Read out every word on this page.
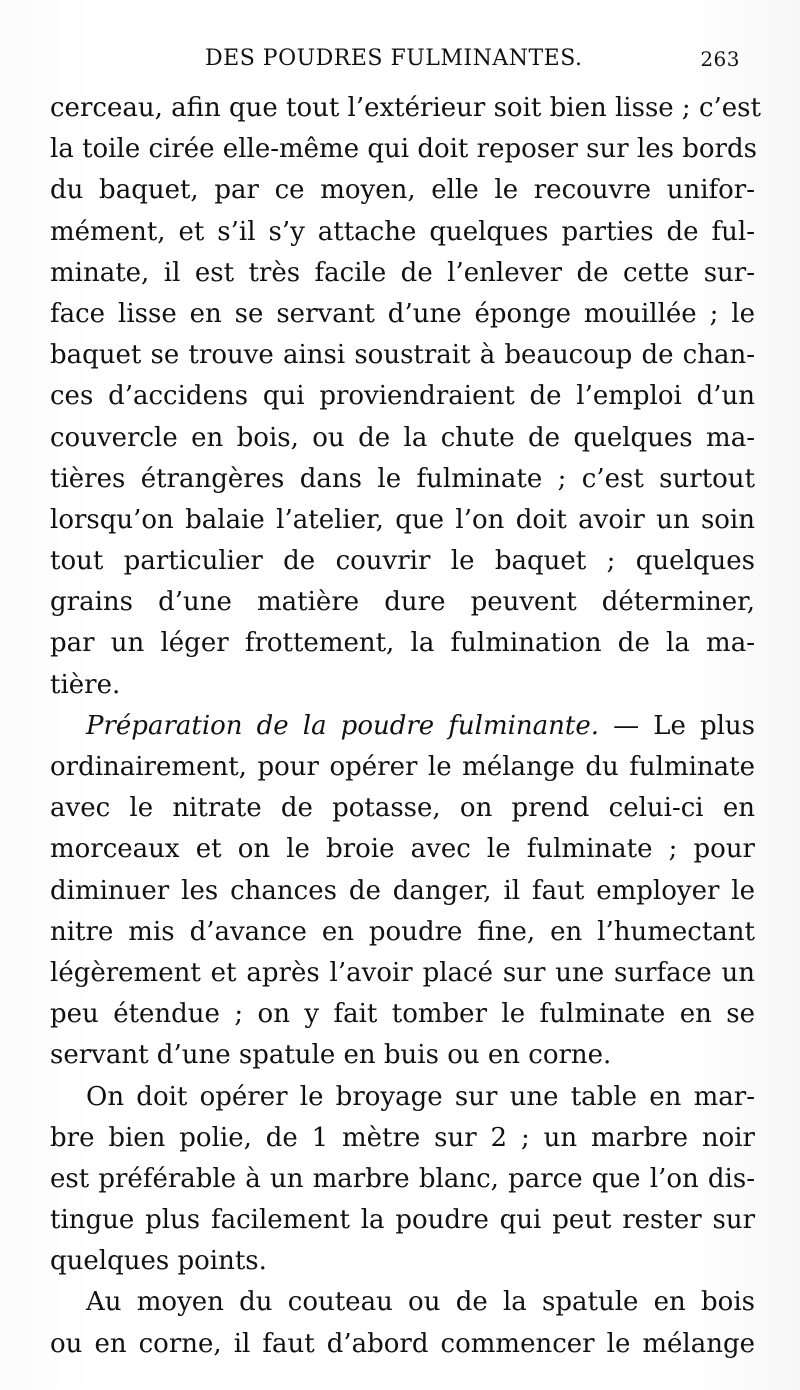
DES POUDRES FULMINANTES.	263
cerceau, afin que tout l’extérieur soit bien lisse ; c’est
la toile cirée elle-même qui doit reposer sur les bords
du baquet, par ce moyen, elle le recouvre unifor-
mément, et s’il s’y attache quelques parties de ful-
minate, il est très facile de l’enlever de cette sur-
face lisse en se servant d’une éponge mouillée ; le
baquet se trouve ainsi soustrait à beaucoup de chan-
ces d’accidens qui proviendraient de l’emploi d’un
couvercle en bois, ou de la chute de quelques ma-
tières étrangères dans le fulminate ; c’est surtout
lorsqu’on balaie l’atelier, que l’on doit avoir un soin
tout particulier de couvrir le baquet ; quelques
grains d’une matière dure peuvent déterminer,
par un léger frottement, la fulmination de la ma-
tière.
Préparation de la poudre fulminante. — Le plus
ordinairement, pour opérer le mélange du fulminate
avec le nitrate de potasse, on prend celui-ci en
morceaux et on le broie avec le fulminate ; pour
diminuer les chances de danger, il faut employer le
nitre mis d’avance en poudre fine, en l’humectant
légèrement et après l’avoir placé sur une surface un
peu étendue ; on y fait tomber le fulminate en se
servant d’une spatule en buis ou en corne.
On doit opérer le broyage sur une table en mar-
bre bien polie, de 1 mètre sur 2 ; un marbre noir
est préférable à un marbre blanc, parce que l’on dis-
tingue plus facilement la poudre qui peut rester sur
quelques points.
Au moyen du couteau ou de la spatule en bois
ou en corne, il faut d’abord commencer le mélange
